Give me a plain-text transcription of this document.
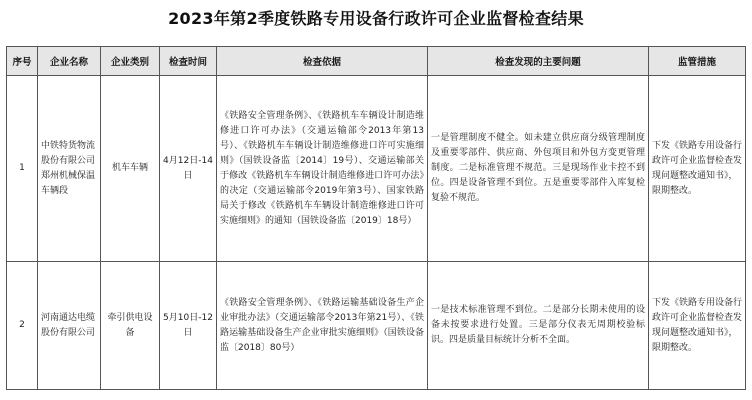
2023年第2季度铁路专用设备行政许可企业监督检查结果
序号	企业名称	企业类别	检查时间	检查依据	检查发现的主要问题	监管措施
1	中铁特货物流股份有限公司郑州机械保温车辆段	机车车辆	4月12日-14日	《铁路安全管理条例》、《铁路机车车辆设计制造维修进口许可办法》（交通运输部令2013年第13号）、《铁路机车车辆设计制造维修进口许可实施细则》（国铁设备监〔2014〕19号）、交通运输部关于修改《铁路机车车辆设计制造维修进口许可办法》的决定（交通运输部令2019年第3号）、国家铁路局关于修改《铁路机车车辆设计制造维修进口许可实施细则》的通知（国铁设备监〔2019〕18号）	一是管理制度不健全。如未建立供应商分级管理制度及重要零部件、供应商、外包项目和外包方变更管理制度。二是标准管理不规范。三是现场作业卡控不到位。四是设备管理不到位。五是重要零部件入库复检复验不规范。	下发《铁路专用设备行政许可企业监督检查发现问题整改通知书》，限期整改。
2	河南通达电缆股份有限公司	牵引供电设备	5月10日-12日	《铁路安全管理条例》、《铁路运输基础设备生产企业审批办法》（交通运输部令2013年第21号）、《铁路运输基础设备生产企业审批实施细则》（国铁设备监〔2018〕80号）	一是技术标准管理不到位。二是部分长期未使用的设备未按要求进行处置。三是部分仪表无周期校验标识。四是质量目标统计分析不全面。	下发《铁路专用设备行政许可企业监督检查发现问题整改通知书》，限期整改。
